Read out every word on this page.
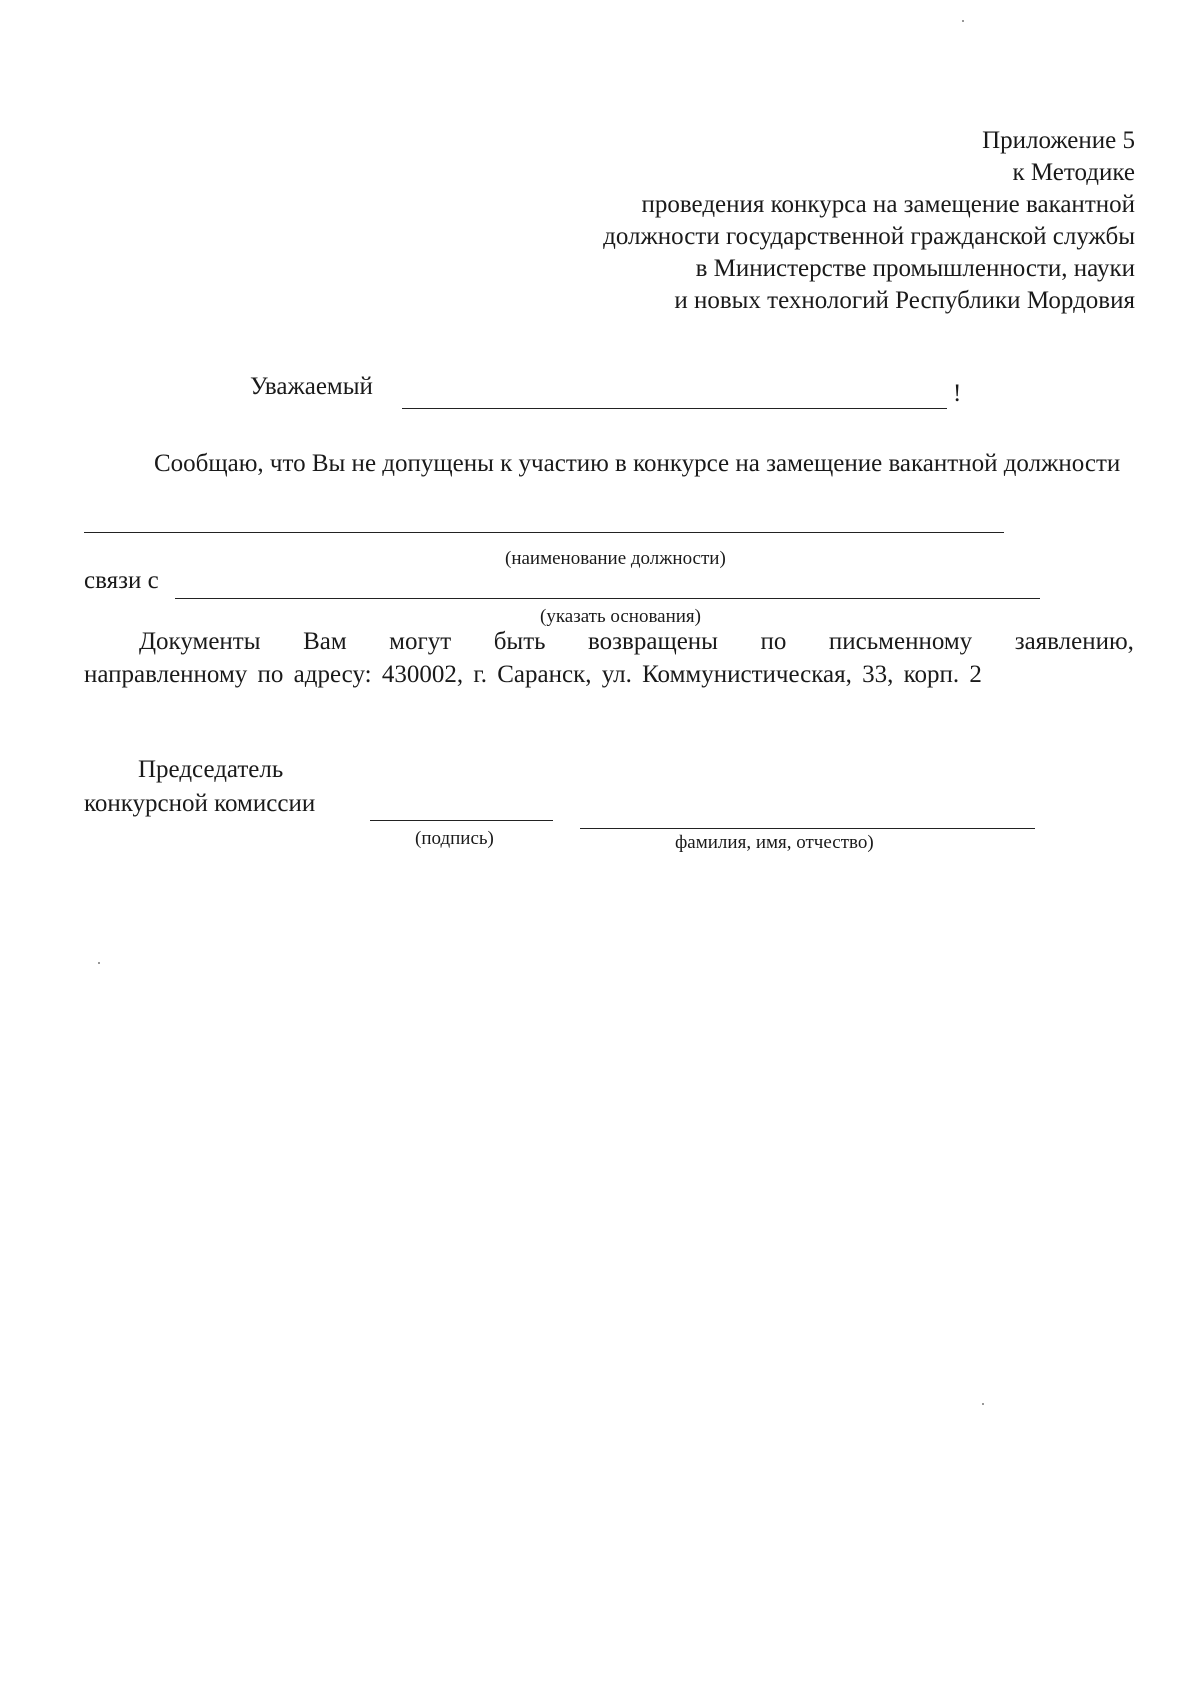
Приложение 5
к Методике
проведения конкурса на замещение вакантной
должности государственной гражданской службы
в Министерстве промышленности, науки
и новых технологий Республики Мордовия
Уважаемый	!
Сообщаю, что Вы не допущены к участию в конкурсе на замещение вакантной должности
(наименование должности)
связи с
(указать основания)
Документы Вам могут быть возвращены по письменному заявлению,
направленному по адресу: 430002, г. Саранск, ул. Коммунистическая, 33, корп. 2
Председатель
конкурсной комиссии
(подпись)	фамилия, имя, отчество)
